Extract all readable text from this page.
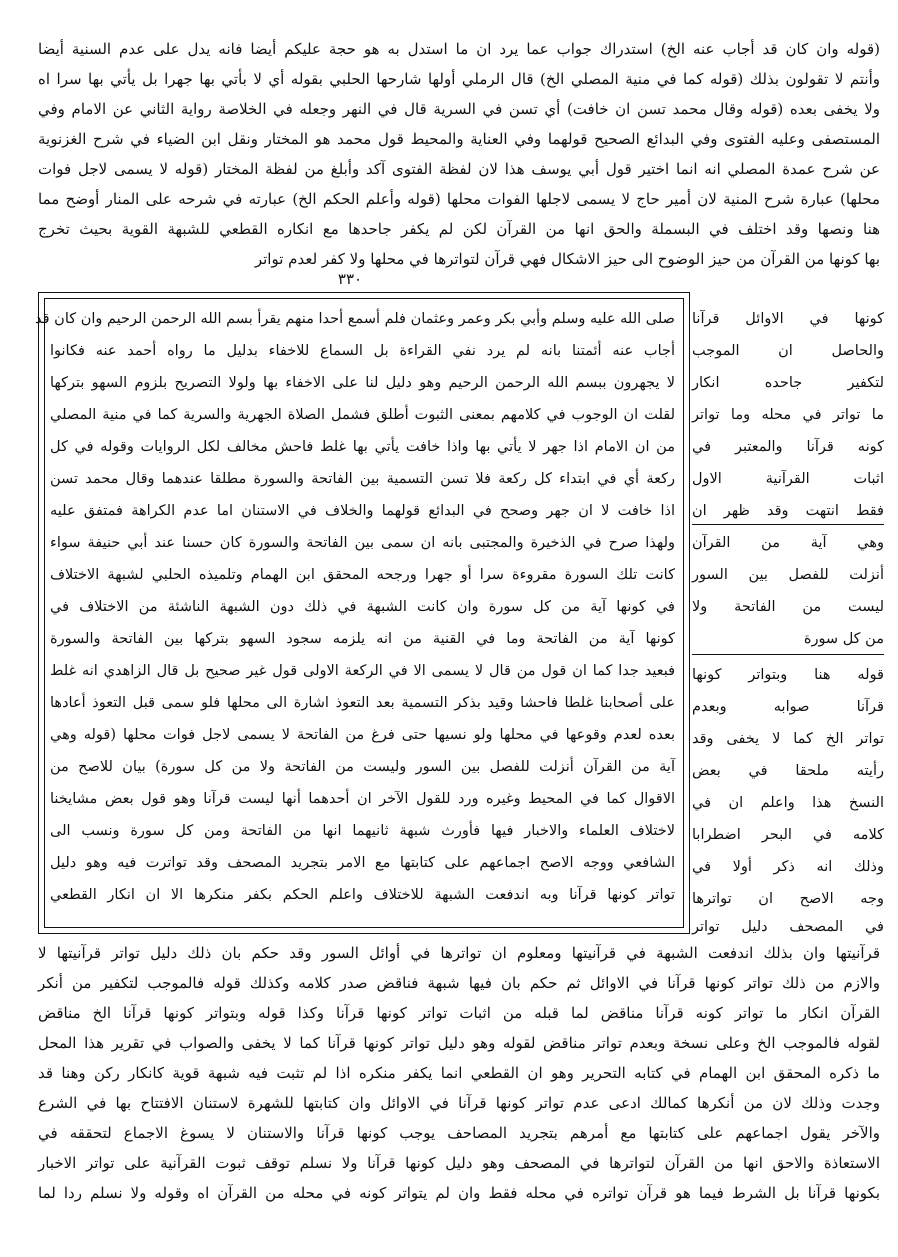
(قوله وان كان قد أجاب عنه الخ) استدراك جواب عما يرد ان ما استدل به هو حجة عليكم أيضا فانه يدل على عدم السنية أيضا
وأنتم لا تقولون بذلك (قوله كما في منية المصلي الخ) قال الرملي أولها شارحها الحلبي بقوله أي لا بأتي بها جهرا بل يأتي بها سرا اه
ولا يخفى بعده (قوله وقال محمد تسن ان خافت) أي تسن في السرية قال في النهر وجعله في الخلاصة رواية الثاني عن الامام وفي
المستصفى وعليه الفتوى وفي البدائع الصحيح قولهما وفي العناية والمحيط قول محمد هو المختار ونقل ابن الضياء في شرح الغزنوية
عن شرح عمدة المصلي انه انما اختير قول أبي يوسف هذا لان لفظة الفتوى آكد وأبلغ من لفظة المختار (قوله لا يسمى لاجل فوات
محلها) عبارة شرح المنية لان أمير حاج لا يسمى لاجلها الفوات محلها (قوله وأعلم الحكم الخ) عبارته في شرحه على المنار أوضح مما
هنا ونصها وقد اختلف في البسملة والحق انها من القرآن لكن لم يكفر جاحدها مع انكاره القطعي للشبهة القوية بحيث تخرج
بها كونها من القرآن من حيز الوضوح الى حيز الاشكال فهي قرآن لتواترها في محلها ولا كفر لعدم تواتر
٣٣٠
صلى الله عليه وسلم وأبي بكر وعمر وعثمان فلم أسمع أحدا منهم يقرأ بسم الله الرحمن الرحيم وان كان قد
أجاب عنه أئمتنا بانه لم يرد نفي القراءة بل السماع للاخفاء بدليل ما رواه أحمد عنه فكانوا
لا يجهرون ببسم الله الرحمن الرحيم وهو دليل لنا على الاخفاء بها ولولا التصريح بلزوم السهو بتركها
لقلت ان الوجوب في كلامهم بمعنى الثبوت أطلق فشمل الصلاة الجهرية والسرية كما في منية المصلي
من ان الامام اذا جهر لا يأتي بها واذا خافت يأتي بها غلط فاحش مخالف لكل الروايات وقوله في كل
ركعة أي في ابتداء كل ركعة فلا تسن التسمية بين الفاتحة والسورة مطلقا عندهما وقال محمد تسن
اذا خافت لا ان جهر وصحح في البدائع قولهما والخلاف في الاستنان اما عدم الكراهة فمتفق عليه
ولهذا صرح في الذخيرة والمجتبى بانه ان سمى بين الفاتحة والسورة كان حسنا عند أبي حنيفة سواء
كانت تلك السورة مقروءة سرا أو جهرا ورجحه المحقق ابن الهمام وتلميذه الحلبي لشبهة الاختلاف
في كونها آية من كل سورة وان كانت الشبهة في ذلك دون الشبهة الناشئة من الاختلاف في
كونها آية من الفاتحة وما في القنية من انه يلزمه سجود السهو بتركها بين الفاتحة والسورة
فبعيد جدا كما ان قول من قال لا يسمى الا في الركعة الاولى قول غير صحيح بل قال الزاهدي انه غلط
على أصحابنا غلطا فاحشا وقيد بذكر التسمية بعد التعوذ اشارة الى محلها فلو سمى قبل التعوذ أعادها
بعده لعدم وقوعها في محلها ولو نسيها حتى فرغ من الفاتحة لا يسمى لاجل فوات محلها (قوله وهي
آية من القرآن أنزلت للفصل بين السور وليست من الفاتحة ولا من كل سورة) بيان للاصح من
الاقوال كما في المحيط وغيره ورد للقول الآخر ان أحدهما أنها ليست قرآنا وهو قول بعض مشايخنا
لاختلاف العلماء والاخبار فيها فأورث شبهة ثانيهما انها من الفاتحة ومن كل سورة ونسب الى
الشافعي ووجه الاصح اجماعهم على كتابتها مع الامر بتجريد المصحف وقد تواترت فيه وهو دليل
تواتر كونها قرآنا وبه اندفعت الشبهة للاختلاف واعلم الحكم بكفر منكرها الا ان انكار القطعي
كونها في الاوائل قرآنا
والحاصل ان الموجب
لتكفير جاحده انكار
ما تواتر في محله وما تواتر
كونه قرآنا والمعتبر في
اثبات القرآنية الاول
فقط انتهت وقد ظهر ان
وهي آية من القرآن
أنزلت للفصل بين السور
ليست من الفاتحة ولا
من كل سورة
قوله هنا وبتواتر كونها
قرآنا صوابه وبعدم
تواتر الخ كما لا يخفى وقد
رأيته ملحقا في بعض
النسخ هذا واعلم ان في
كلامه في البحر اضطرابا
وذلك انه ذكر أولا في
وجه الاصح ان تواترها
في المصحف دليل تواتر
قرآنيتها وان بذلك اندفعت الشبهة في قرآنيتها ومعلوم ان تواترها في أوائل السور وقد حكم بان ذلك دليل تواتر قرآنيتها لا
والازم من ذلك تواتر كونها قرآنا في الاوائل ثم حكم بان فيها شبهة فناقض صدر كلامه وكذلك قوله فالموجب لتكفير من أنكر
القرآن انكار ما تواتر كونه قرآنا مناقض لما قبله من اثبات تواتر كونها قرآنا وكذا قوله وبتواتر كونها قرآنا الخ مناقض
لقوله فالموجب الخ وعلى نسخة وبعدم تواتر مناقض لقوله وهو دليل تواتر كونها قرآنا كما لا يخفى والصواب في تقرير هذا المحل
ما ذكره المحقق ابن الهمام في كتابه التحرير وهو ان القطعي انما يكفر منكره اذا لم تثبت فيه شبهة قوية كانكار ركن وهنا قد
وجدت وذلك لان من أنكرها كمالك ادعى عدم تواتر كونها قرآنا في الاوائل وان كتابتها للشهرة لاستنان الافتتاح بها في الشرع
والآخر يقول اجماعهم على كتابتها مع أمرهم بتجريد المصاحف يوجب كونها قرآنا والاستنان لا يسوغ الاجماع لتحققه في
الاستعاذة والاحق انها من القرآن لتواترها في المصحف وهو دليل كونها قرآنا ولا نسلم توقف ثبوت القرآنية على تواتر الاخبار
بكونها قرآنا بل الشرط فيما هو قرآن تواتره في محله فقط وان لم يتواتر كونه في محله من القرآن اه وقوله ولا نسلم ردا لما
